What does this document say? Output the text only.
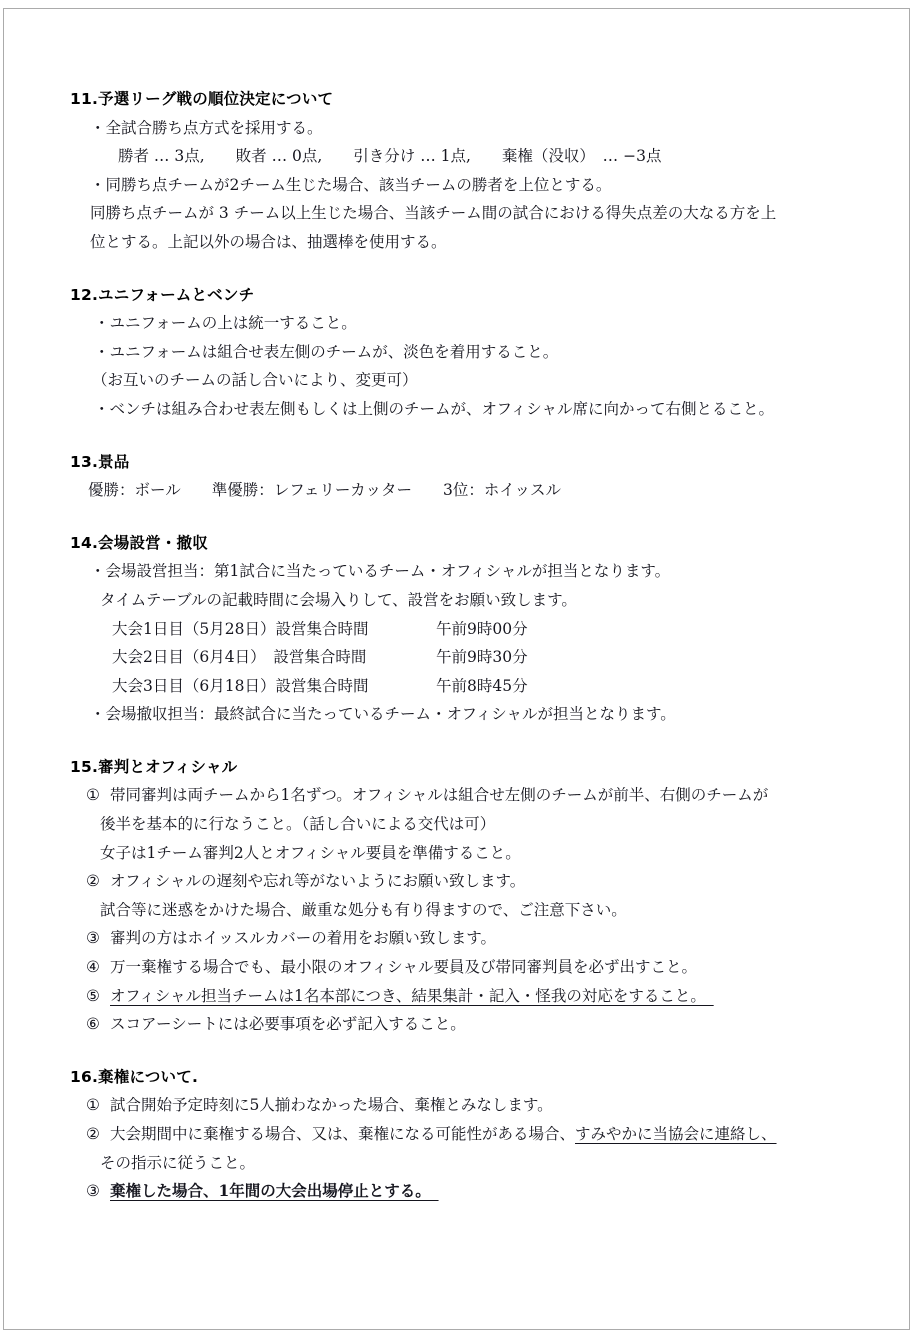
11.予選リーグ戦の順位決定について
・全試合勝ち点方式を採用する。
勝者 … 3点,　　敗者 … 0点,　　引き分け … 1点,　　棄権（没収）　… −3点
・同勝ち点チームが2チーム生じた場合、該当チームの勝者を上位とする。
同勝ち点チームが 3 チーム以上生じた場合、当該チーム間の試合における得失点差の大なる方を上
位とする。上記以外の場合は、抽選棒を使用する。
12.ユニフォームとベンチ
・ユニフォームの上は統一すること。
・ユニフォームは組合せ表左側のチームが、淡色を着用すること。
（お互いのチームの話し合いにより、変更可）
・ベンチは組み合わせ表左側もしくは上側のチームが、オフィシャル席に向かって右側とること。
13.景品
優勝：ボール　　準優勝：レフェリーカッター　　3位：ホイッスル
14.会場設営・撤収
・会場設営担当：第1試合に当たっているチーム・オフィシャルが担当となります。
タイムテーブルの記載時間に会場入りして、設営をお願い致します。
大会1日目（5月28日）設営集合時間	午前9時00分
大会2日目（6月4日）　設営集合時間	午前9時30分
大会3日目（6月18日）設営集合時間	午前8時45分
・会場撤収担当：最終試合に当たっているチーム・オフィシャルが担当となります。
15.審判とオフィシャル
① 帯同審判は両チームから1名ずつ。オフィシャルは組合せ左側のチームが前半、右側のチームが
後半を基本的に行なうこと。（話し合いによる交代は可）
女子は1チーム審判2人とオフィシャル要員を準備すること。
② オフィシャルの遅刻や忘れ等がないようにお願い致します。
試合等に迷惑をかけた場合、厳重な処分も有り得ますので、ご注意下さい。
③ 審判の方はホイッスルカバーの着用をお願い致します。
④ 万一棄権する場合でも、最小限のオフィシャル要員及び帯同審判員を必ず出すこと。
⑤ オフィシャル担当チームは1名本部につき、結果集計・記入・怪我の対応をすること。　
⑥ スコアーシートには必要事項を必ず記入すること。
16.棄権について.
① 試合開始予定時刻に5人揃わなかった場合、棄権とみなします。
② 大会期間中に棄権する場合、又は、棄権になる可能性がある場合、すみやかに当協会に連絡し、
その指示に従うこと。
③ 棄権した場合、1年間の大会出場停止とする。　
